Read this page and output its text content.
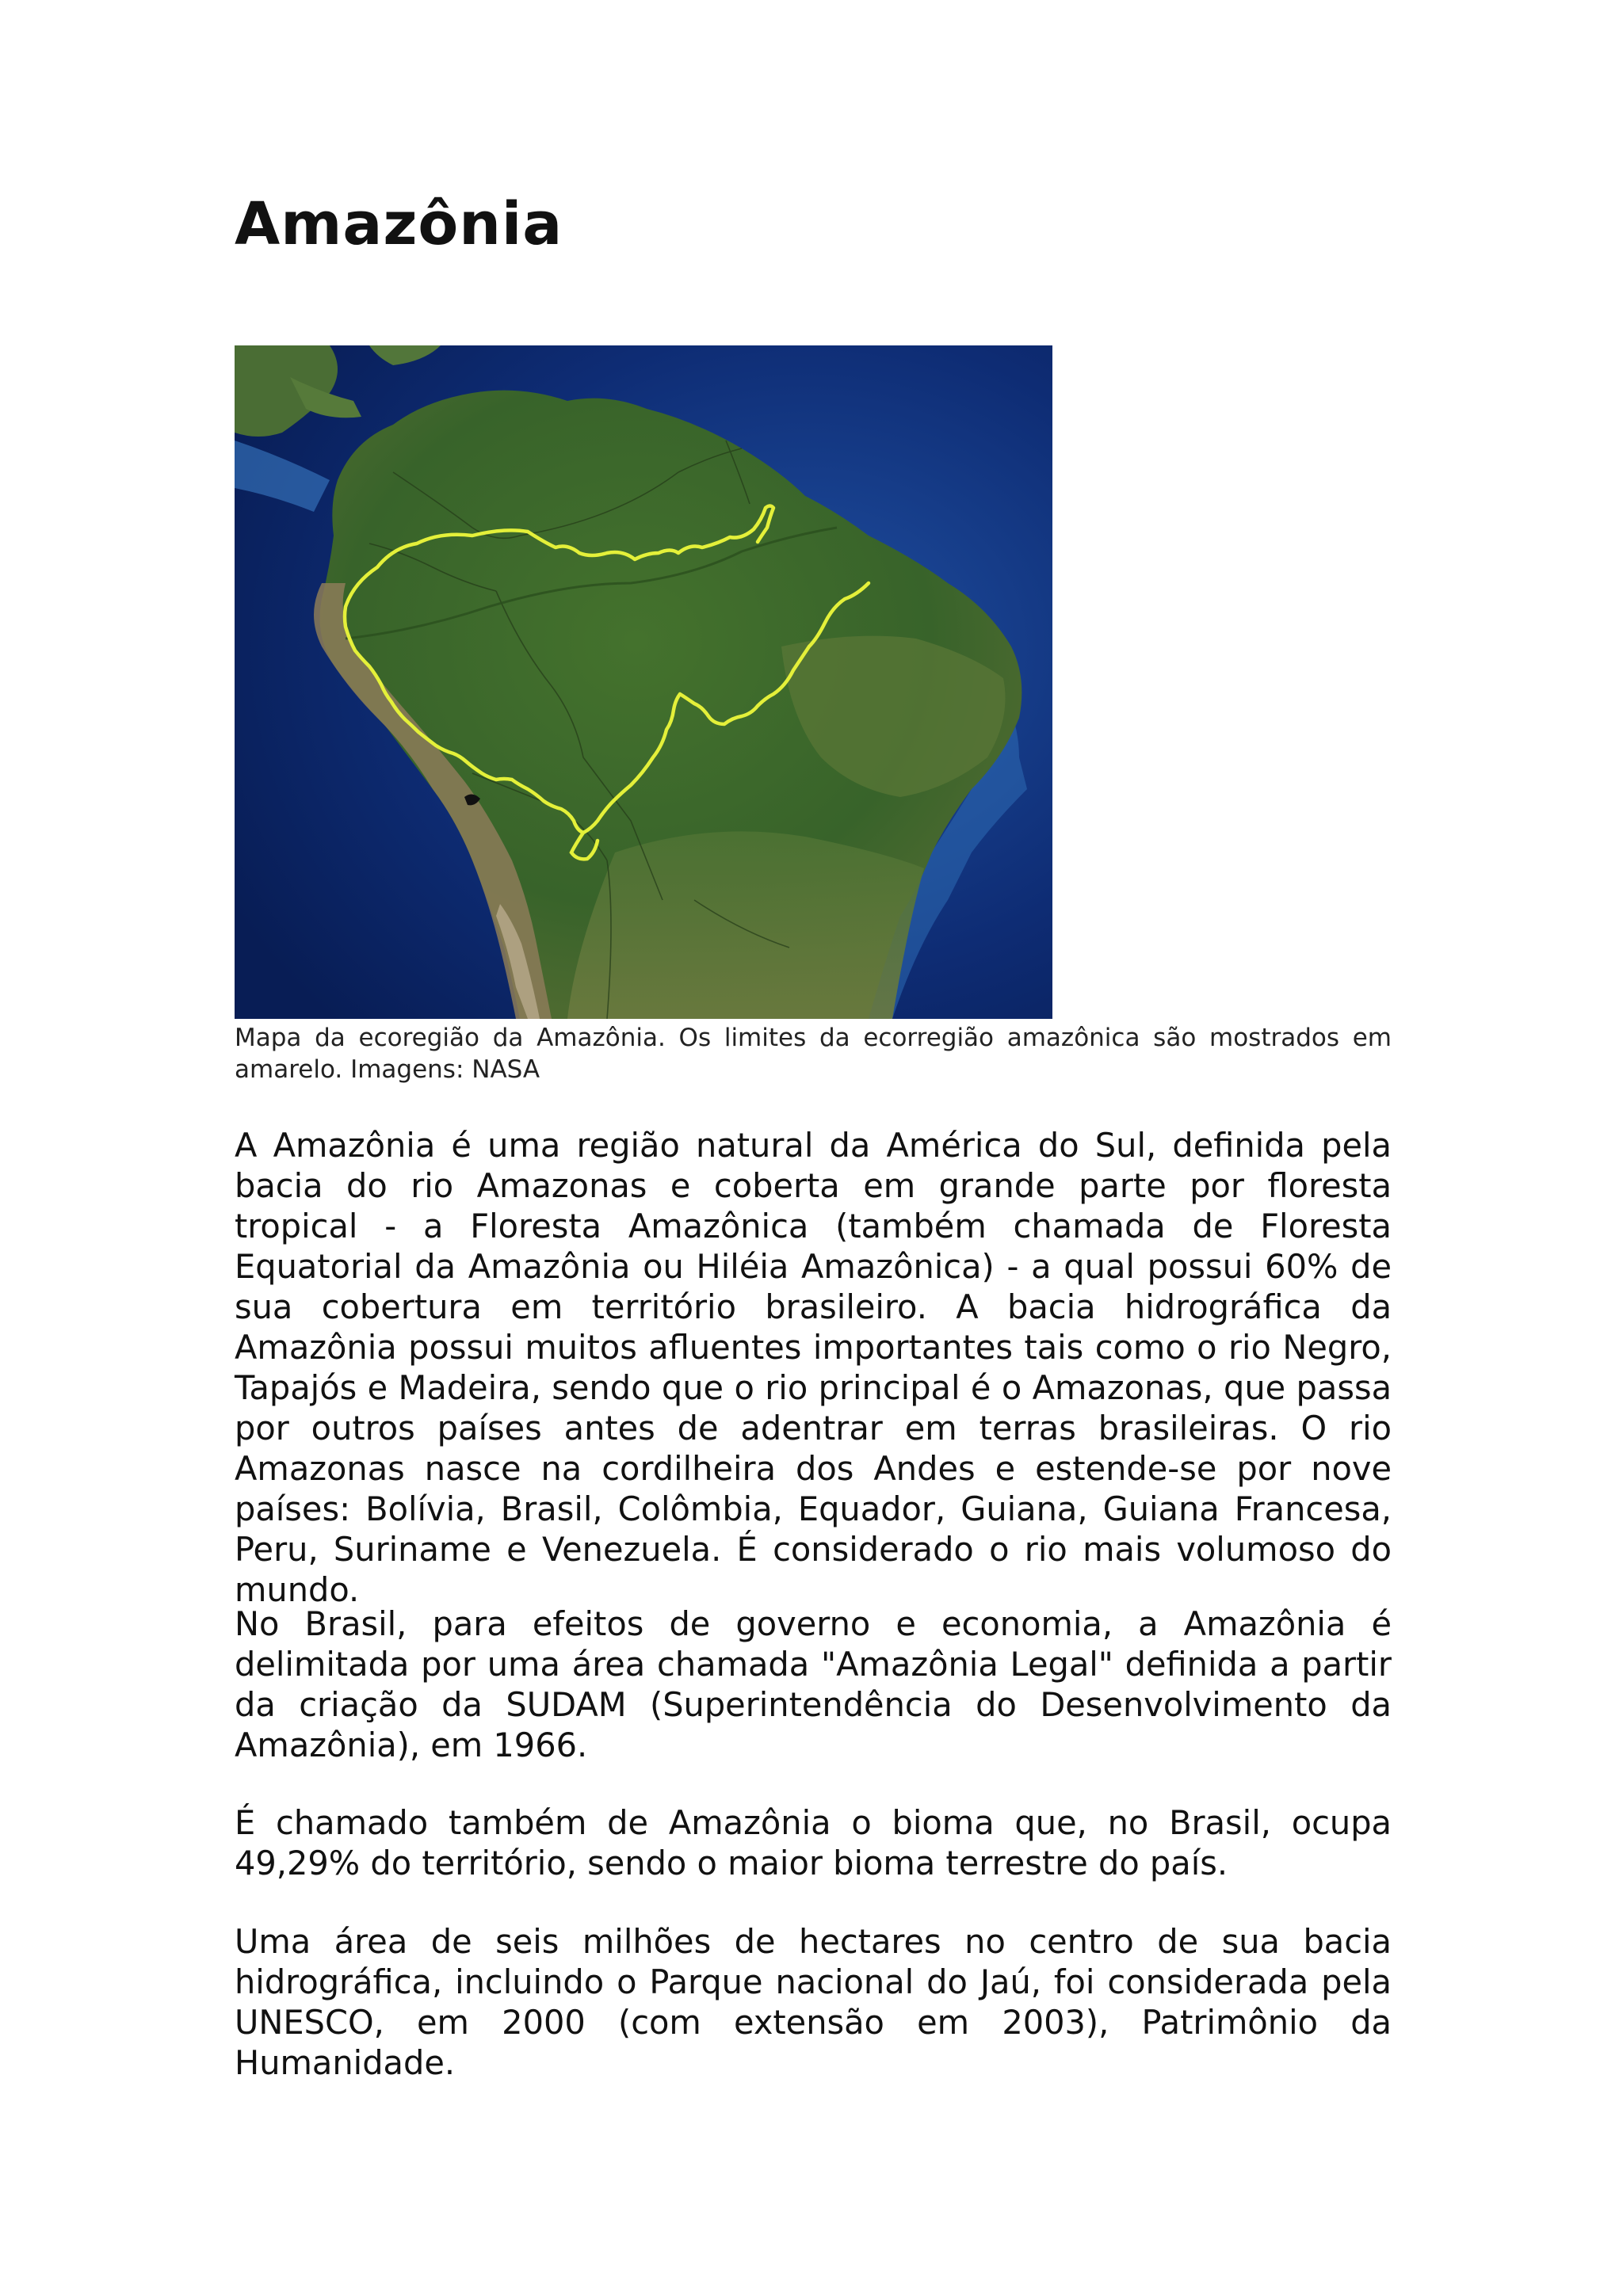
Amazônia

Mapa da ecoregião da Amazônia. Os limites da ecorregião amazônica são mostrados em amarelo. Imagens: NASA

A Amazônia é uma região natural da América do Sul, definida pela bacia do rio Amazonas e coberta em grande parte por floresta tropical - a Floresta Amazônica (também chamada de Floresta Equatorial da Amazônia ou Hiléia Amazônica) - a qual possui 60% de sua cobertura em território brasileiro. A bacia hidrográfica da Amazônia possui muitos afluentes importantes tais como o rio Negro, Tapajós e Madeira, sendo que o rio principal é o Amazonas, que passa por outros países antes de adentrar em terras brasileiras. O rio Amazonas nasce na cordilheira dos Andes e estende-se por nove países: Bolívia, Brasil, Colômbia, Equador, Guiana, Guiana Francesa, Peru, Suriname e Venezuela. É considerado o rio mais volumoso do mundo.

No Brasil, para efeitos de governo e economia, a Amazônia é delimitada por uma área chamada "Amazônia Legal" definida a partir da criação da SUDAM (Superintendência do Desenvolvimento da Amazônia), em 1966.

É chamado também de Amazônia o bioma que, no Brasil, ocupa 49,29% do território, sendo o maior bioma terrestre do país.

Uma área de seis milhões de hectares no centro de sua bacia hidrográfica, incluindo o Parque nacional do Jaú, foi considerada pela UNESCO, em 2000 (com extensão em 2003), Patrimônio da Humanidade.
